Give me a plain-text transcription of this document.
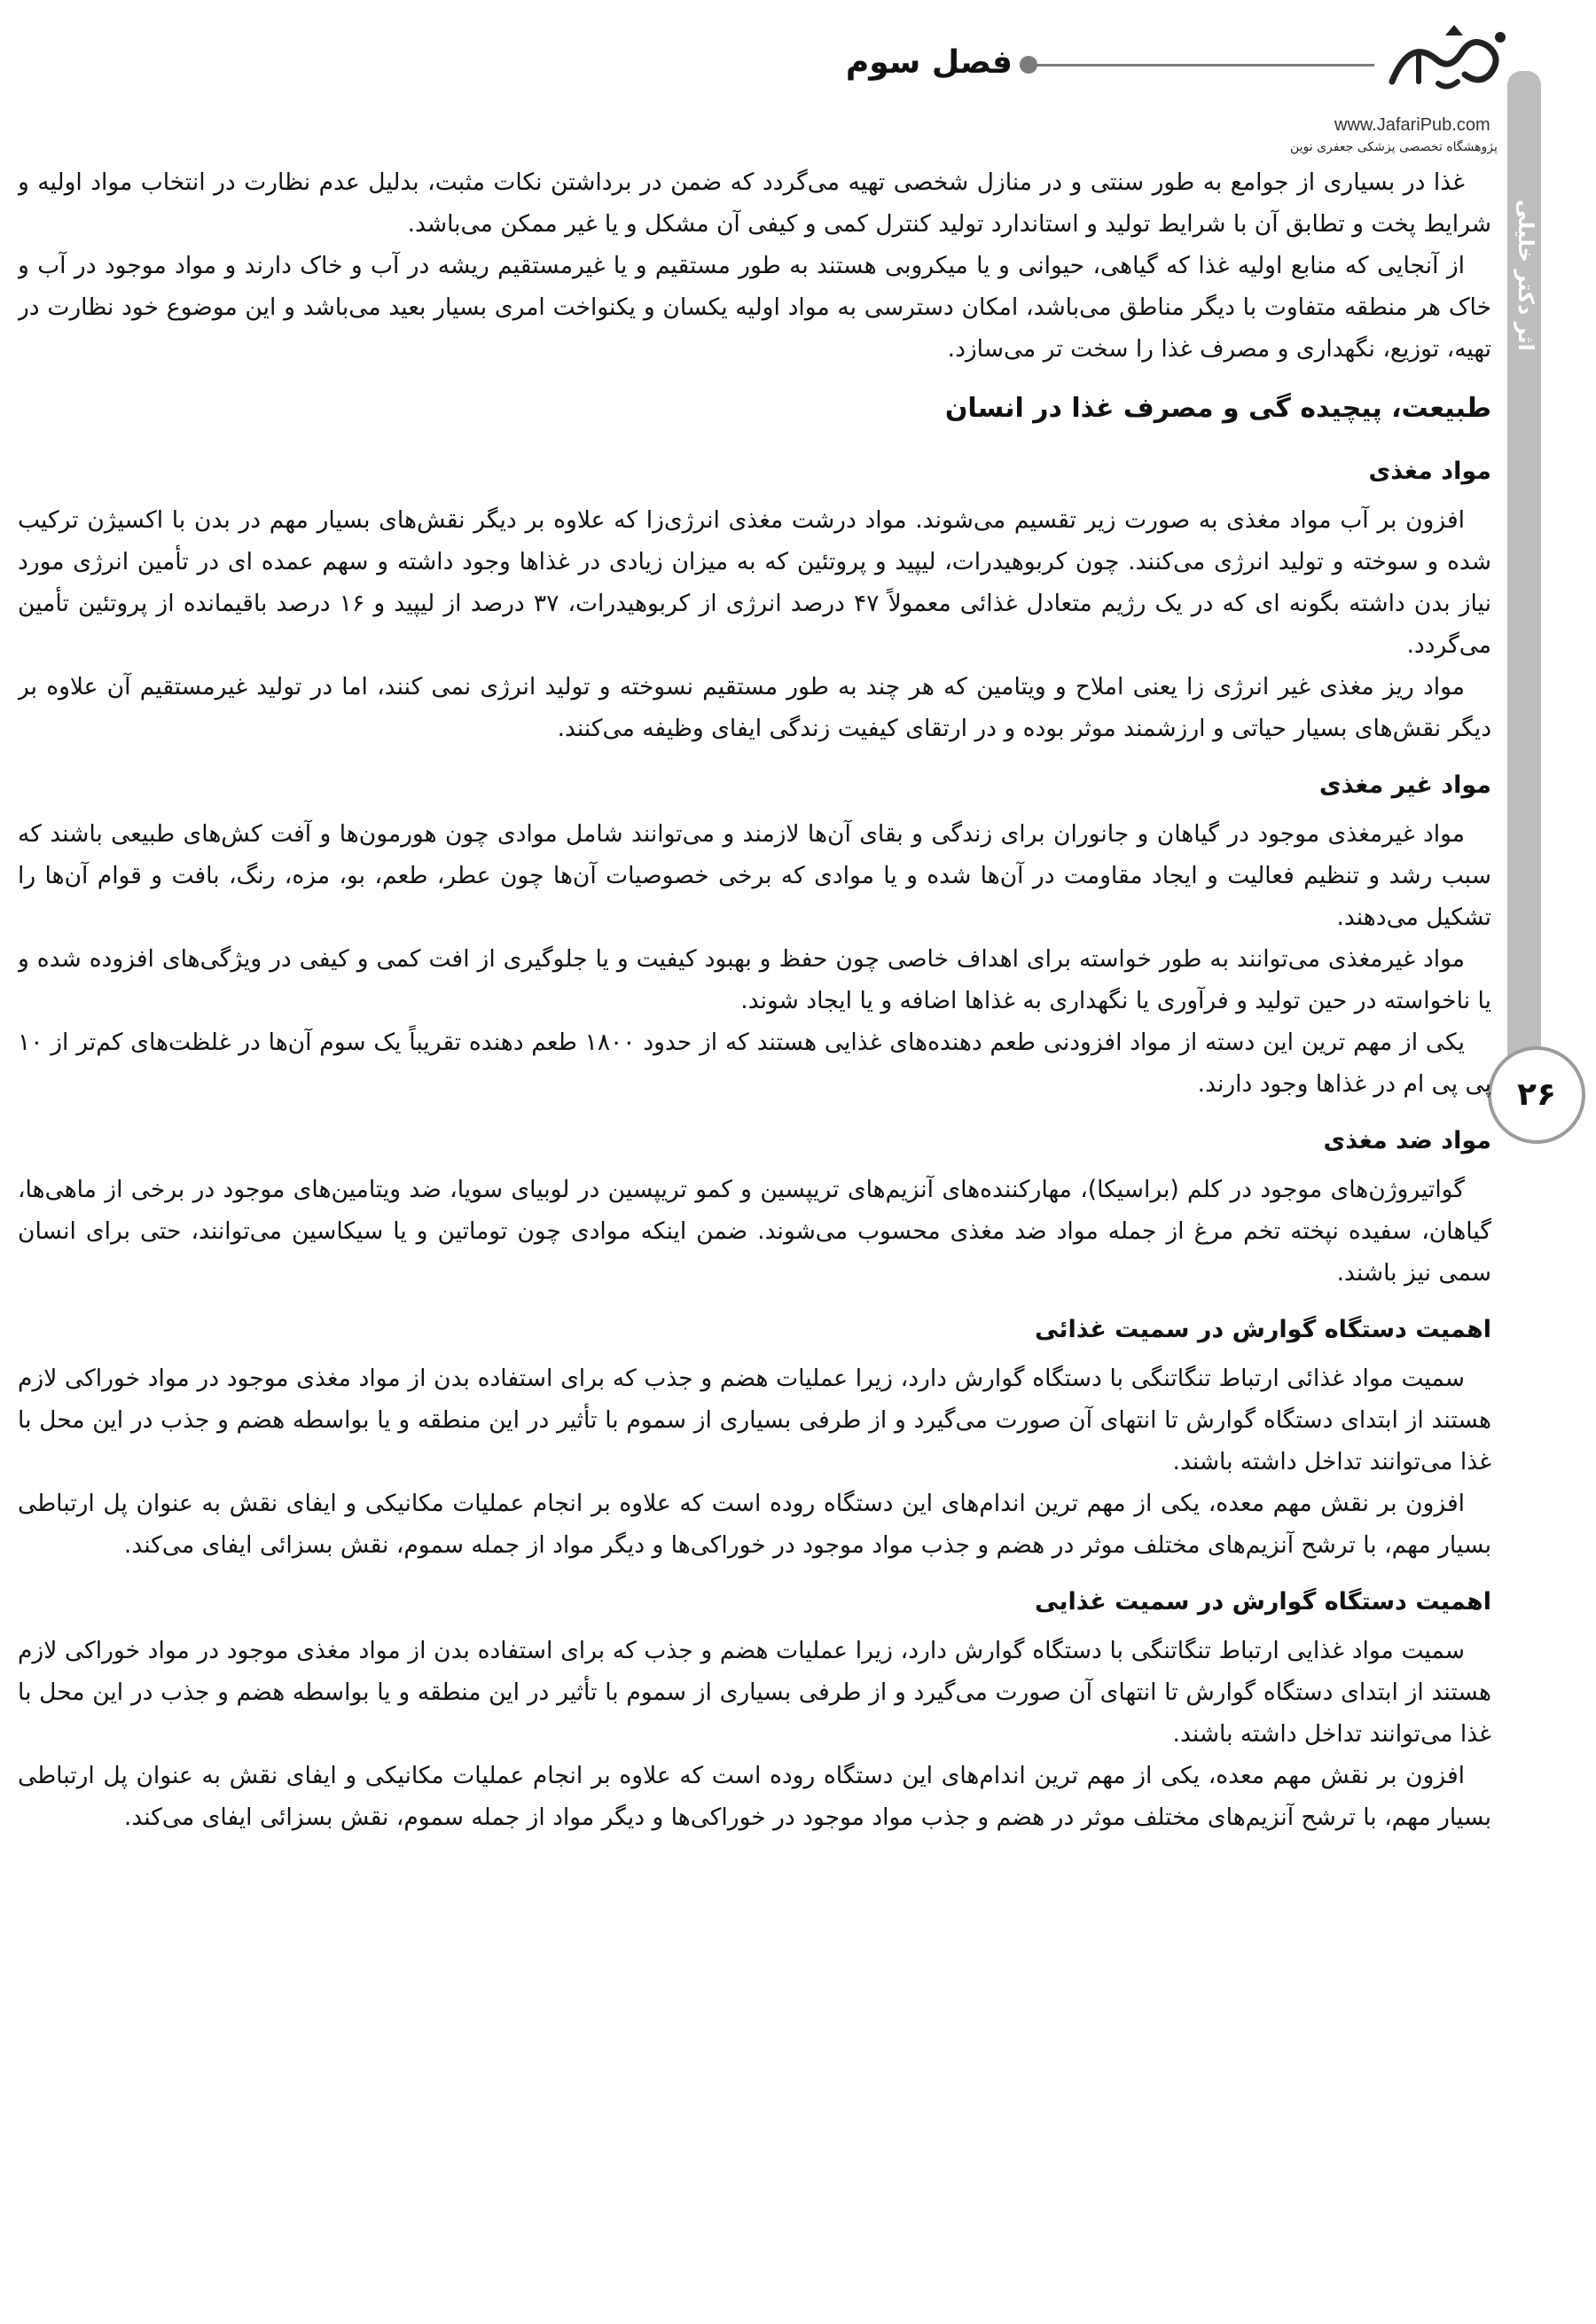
فصل سوم
www.JafariPub.com
پژوهشگاه تخصصی پزشکی جعفری نوین
اثر دکتر خلیلی
۲۶

غذا در بسیاری از جوامع به طور سنتی و در منازل شخصی تهیه می‌گردد که ضمن در برداشتن نکات مثبت، بدلیل عدم نظارت در انتخاب مواد اولیه و شرایط پخت و تطابق آن با شرایط تولید و استاندارد تولید کنترل کمی و کیفی آن مشکل و یا غیر ممکن می‌باشد.

از آنجایی که منابع اولیه غذا که گیاهی، حیوانی و یا میکروبی هستند به طور مستقیم و یا غیرمستقیم ریشه در آب و خاک دارند و مواد موجود در آب و خاک هر منطقه متفاوت با دیگر مناطق می‌باشد، امکان دسترسی به مواد اولیه یکسان و یکنواخت امری بسیار بعید می‌باشد و این موضوع خود نظارت در تهیه، توزیع، نگهداری و مصرف غذا را سخت تر می‌سازد.

طبیعت، پیچیده گی و مصرف غذا در انسان
مواد مغذی

افزون بر آب مواد مغذی به صورت زیر تقسیم می‌شوند. مواد درشت مغذی انرژی‌زا که علاوه بر دیگر نقش‌های بسیار مهم در بدن با اکسیژن ترکیب شده و سوخته و تولید انرژی می‌کنند. چون کربوهیدرات، لیپید و پروتئین که به میزان زیادی در غذاها وجود داشته و سهم عمده ای در تأمین انرژی مورد نیاز بدن داشته بگونه ای که در یک رژیم متعادل غذائی معمولاً ۴۷ درصد انرژی از کربوهیدرات، ۳۷ درصد از لیپید و ۱۶ درصد باقیمانده از پروتئین تأمین می‌گردد.

مواد ریز مغذی غیر انرژی زا یعنی املاح و ویتامین که هر چند به طور مستقیم نسوخته و تولید انرژی نمی کنند، اما در تولید غیرمستقیم آن علاوه بر دیگر نقش‌های بسیار حیاتی و ارزشمند موثر بوده و در ارتقای کیفیت زندگی ایفای وظیفه می‌کنند.

مواد غیر مغذی

مواد غیرمغذی موجود در گیاهان و جانوران برای زندگی و بقای آن‌ها لازمند و می‌توانند شامل موادی چون هورمون‌ها و آفت کش‌های طبیعی باشند که سبب رشد و تنظیم فعالیت و ایجاد مقاومت در آن‌ها شده و یا موادی که برخی خصوصیات آن‌ها چون عطر، طعم، بو، مزه، رنگ، بافت و قوام آن‌ها را تشکیل می‌دهند.

مواد غیرمغذی می‌توانند به طور خواسته برای اهداف خاصی چون حفظ و بهبود کیفیت و یا جلوگیری از افت کمی و کیفی در ویژگی‌های افزوده شده و یا ناخواسته در حین تولید و فرآوری یا نگهداری به غذاها اضافه و یا ایجاد شوند.

یکی از مهم ترین این دسته از مواد افزودنی طعم دهنده‌های غذایی هستند که از حدود ۱۸۰۰ طعم دهنده تقریباً یک سوم آن‌ها در غلظت‌های کم‌تر از ۱۰ پی پی ام در غذاها وجود دارند.

مواد ضد مغذی

گواتیروژن‌های موجود در کلم (براسیکا)، مهارکننده‌های آنزیم‌های تریپسین و کمو تریپسین در لوبیای سویا، ضد ویتامین‌های موجود در برخی از ماهی‌ها، گیاهان، سفیده نپخته تخم مرغ از جمله مواد ضد مغذی محسوب می‌شوند. ضمن اینکه موادی چون توماتین و یا سیکاسین می‌توانند، حتی برای انسان سمی نیز باشند.

اهمیت دستگاه گوارش در سمیت غذائی

سمیت مواد غذائی ارتباط تنگاتنگی با دستگاه گوارش دارد، زیرا عملیات هضم و جذب که برای استفاده بدن از مواد مغذی موجود در مواد خوراکی لازم هستند از ابتدای دستگاه گوارش تا انتهای آن صورت می‌گیرد و از طرفی بسیاری از سموم با تأثیر در این منطقه و یا بواسطه هضم و جذب در این محل با غذا می‌توانند تداخل داشته باشند.

افزون بر نقش مهم معده، یکی از مهم ترین اندام‌های این دستگاه روده است که علاوه بر انجام عملیات مکانیکی و ایفای نقش به عنوان پل ارتباطی بسیار مهم، با ترشح آنزیم‌های مختلف موثر در هضم و جذب مواد موجود در خوراکی‌ها و دیگر مواد از جمله سموم، نقش بسزائی ایفای می‌کند.

اهمیت دستگاه گوارش در سمیت غذایی

سمیت مواد غذایی ارتباط تنگاتنگی با دستگاه گوارش دارد، زیرا عملیات هضم و جذب که برای استفاده بدن از مواد مغذی موجود در مواد خوراکی لازم هستند از ابتدای دستگاه گوارش تا انتهای آن صورت می‌گیرد و از طرفی بسیاری از سموم با تأثیر در این منطقه و یا بواسطه هضم و جذب در این محل با غذا می‌توانند تداخل داشته باشند.

افزون بر نقش مهم معده، یکی از مهم ترین اندام‌های این دستگاه روده است که علاوه بر انجام عملیات مکانیکی و ایفای نقش به عنوان پل ارتباطی بسیار مهم، با ترشح آنزیم‌های مختلف موثر در هضم و جذب مواد موجود در خوراکی‌ها و دیگر مواد از جمله سموم، نقش بسزائی ایفای می‌کند.
